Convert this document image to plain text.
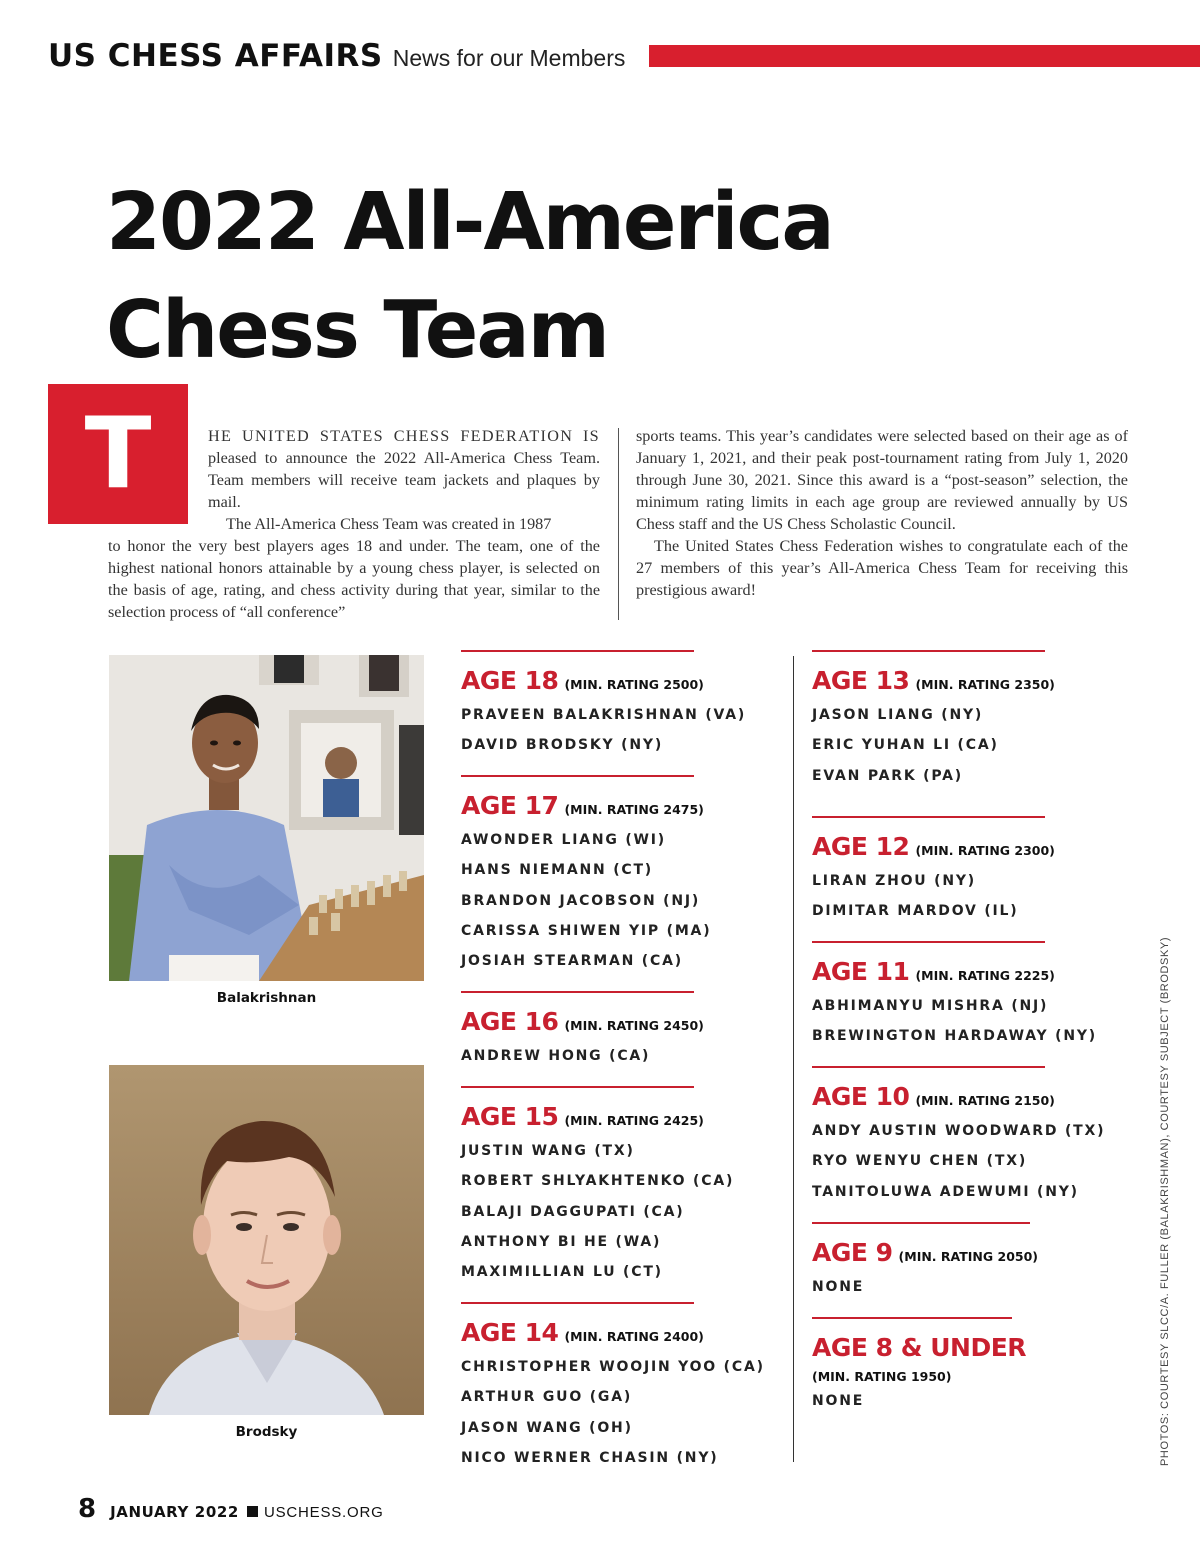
US CHESS AFFAIRS News for our Members
2022 All-America Chess Team
T	HE UNITED STATES CHESS FEDERATION IS pleased to announce the 2022 All-America Chess Team. Team members will receive team jackets and plaques by mail.

The All-America Chess Team was created in 1987

to honor the very best players ages 18 and under. The team, one of the highest national honors attainable by a young chess player, is selected on the basis of age, rating, and chess activity during that year, similar to the selection process of “all conference”

sports teams. This year’s candidates were selected based on their age as of January 1, 2021, and their peak post-tournament rating from July 1, 2020 through June 30, 2021. Since this award is a “post-season” selection, the minimum rating limits in each age group are reviewed annually by US Chess staff and the US Chess Scholastic Council.

The United States Chess Federation wishes to congratulate each of the 27 members of this year’s All-America Chess Team for receiving this prestigious award!

Balakrishnan
Brodsky
AGE 18 (MIN. RATING 2500)
PRAVEEN BALAKRISHNAN (VA)
DAVID BRODSKY (NY)
AGE 17 (MIN. RATING 2475)
AWONDER LIANG (WI)
HANS NIEMANN (CT)
BRANDON JACOBSON (NJ)
CARISSA SHIWEN YIP (MA)
JOSIAH STEARMAN (CA)
AGE 16 (MIN. RATING 2450)
ANDREW HONG (CA)
AGE 15 (MIN. RATING 2425)
JUSTIN WANG (TX)
ROBERT SHLYAKHTENKO (CA)
BALAJI DAGGUPATI (CA)
ANTHONY BI HE (WA)
MAXIMILLIAN LU (CT)
AGE 14 (MIN. RATING 2400)
CHRISTOPHER WOOJIN YOO (CA)
ARTHUR GUO (GA)
JASON WANG (OH)
NICO WERNER CHASIN (NY)
AGE 13 (MIN. RATING 2350)
JASON LIANG (NY)
ERIC YUHAN LI (CA)
EVAN PARK (PA)
AGE 12 (MIN. RATING 2300)
LIRAN ZHOU (NY)
DIMITAR MARDOV (IL)
AGE 11 (MIN. RATING 2225)
ABHIMANYU MISHRA (NJ)
BREWINGTON HARDAWAY (NY)
AGE 10 (MIN. RATING 2150)
ANDY AUSTIN WOODWARD (TX)
RYO WENYU CHEN (TX)
TANITOLUWA ADEWUMI (NY)
AGE 9 (MIN. RATING 2050)
NONE
AGE 8 & UNDER
(MIN. RATING 1950)
NONE	PHOTOS: COURTESY SLCC/A. FULLER (BALAKRISHMAN), COURTESY SUBJECT (BRODSKY)
8 JANUARY 2022 USCHESS.ORG
